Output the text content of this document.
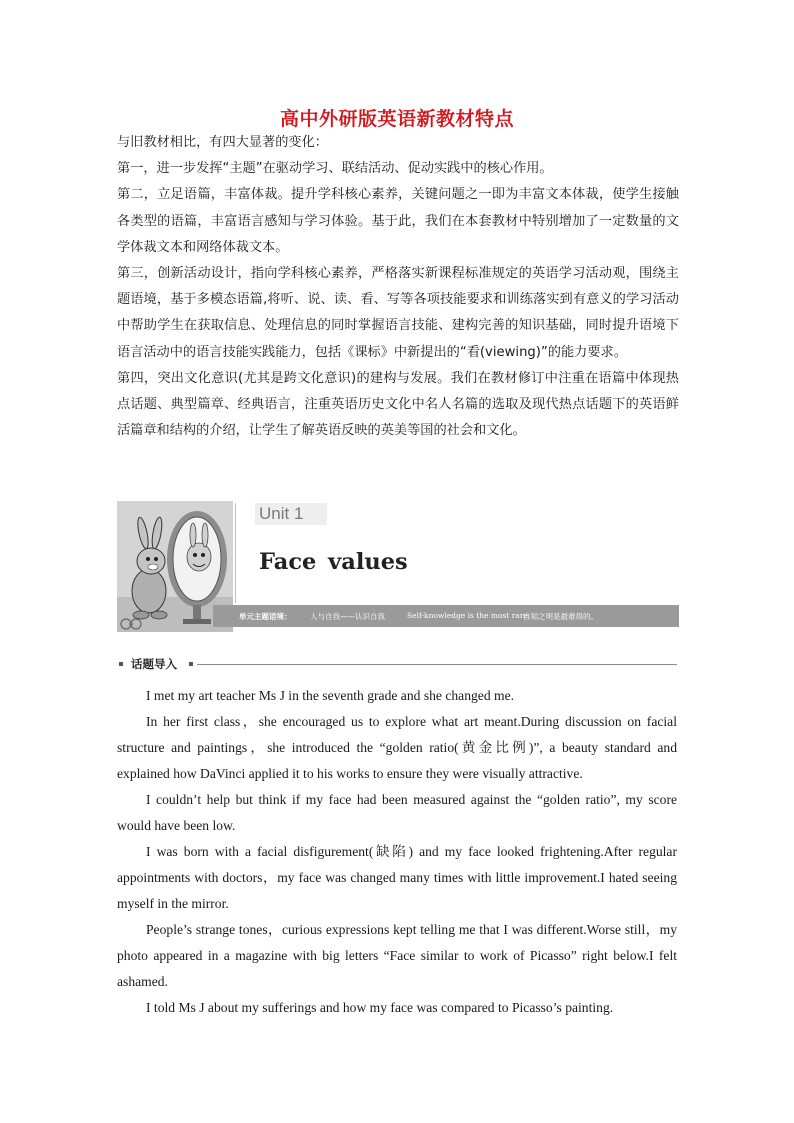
高中外研版英语新教材特点

与旧教材相比，有四大显著的变化：

第一，进一步发挥“主题”在驱动学习、联结活动、促动实践中的核心作用。

第二，立足语篇，丰富体裁。提升学科核心素养，关键问题之一即为丰富文本体裁，使学生接触各类型的语篇，丰富语言感知与学习体验。基于此，我们在本套教材中特别增加了一定数量的文学体裁文本和网络体裁文本。

第三，创新活动设计，指向学科核心素养，严格落实新课程标准规定的英语学习活动观，围绕主题语境，基于多模态语篇,将听、说、读、看、写等各项技能要求和训练落实到有意义的学习活动中帮助学生在获取信息、处理信息的同时掌握语言技能、建构完善的知识基础，同时提升语境下语言活动中的语言技能实践能力，包括《课标》中新提出的“看(viewing)”的能力要求。

第四，突出文化意识(尤其是跨文化意识)的建构与发展。我们在教材修订中注重在语篇中体现热点话题、典型篇章、经典语言，注重英语历史文化中名人名篇的选取及现代热点话题下的英语鲜活篇章和结构的介绍，让学生了解英语反映的英美等国的社会和文化。

Unit 1
Face values
单元主题语境： 人与自我——认识自我	Self-knowledge is the most rare.
自知之明是最难得的。
话题导入

I met my art teacher Ms J in the seventh grade and she changed me.

In her first class，she encouraged us to explore what art meant.During discussion on facial structure and paintings，she introduced the “golden ratio(黄金比例)”, a beauty standard and explained how DaVinci applied it to his works to ensure they were visually attractive.

I couldn’t help but think if my face had been measured against the “golden ratio”, my score would have been low.

I was born with a facial disfigurement(缺陷) and my face looked frightening.After regular appointments with doctors，my face was changed many times with little improvement.I hated seeing myself in the mirror.

People’s strange tones，curious expressions kept telling me that I was different.Worse still，my photo appeared in a magazine with big letters “Face similar to work of Picasso” right below.I felt ashamed.

I told Ms J about my sufferings and how my face was compared to Picasso’s painting.
